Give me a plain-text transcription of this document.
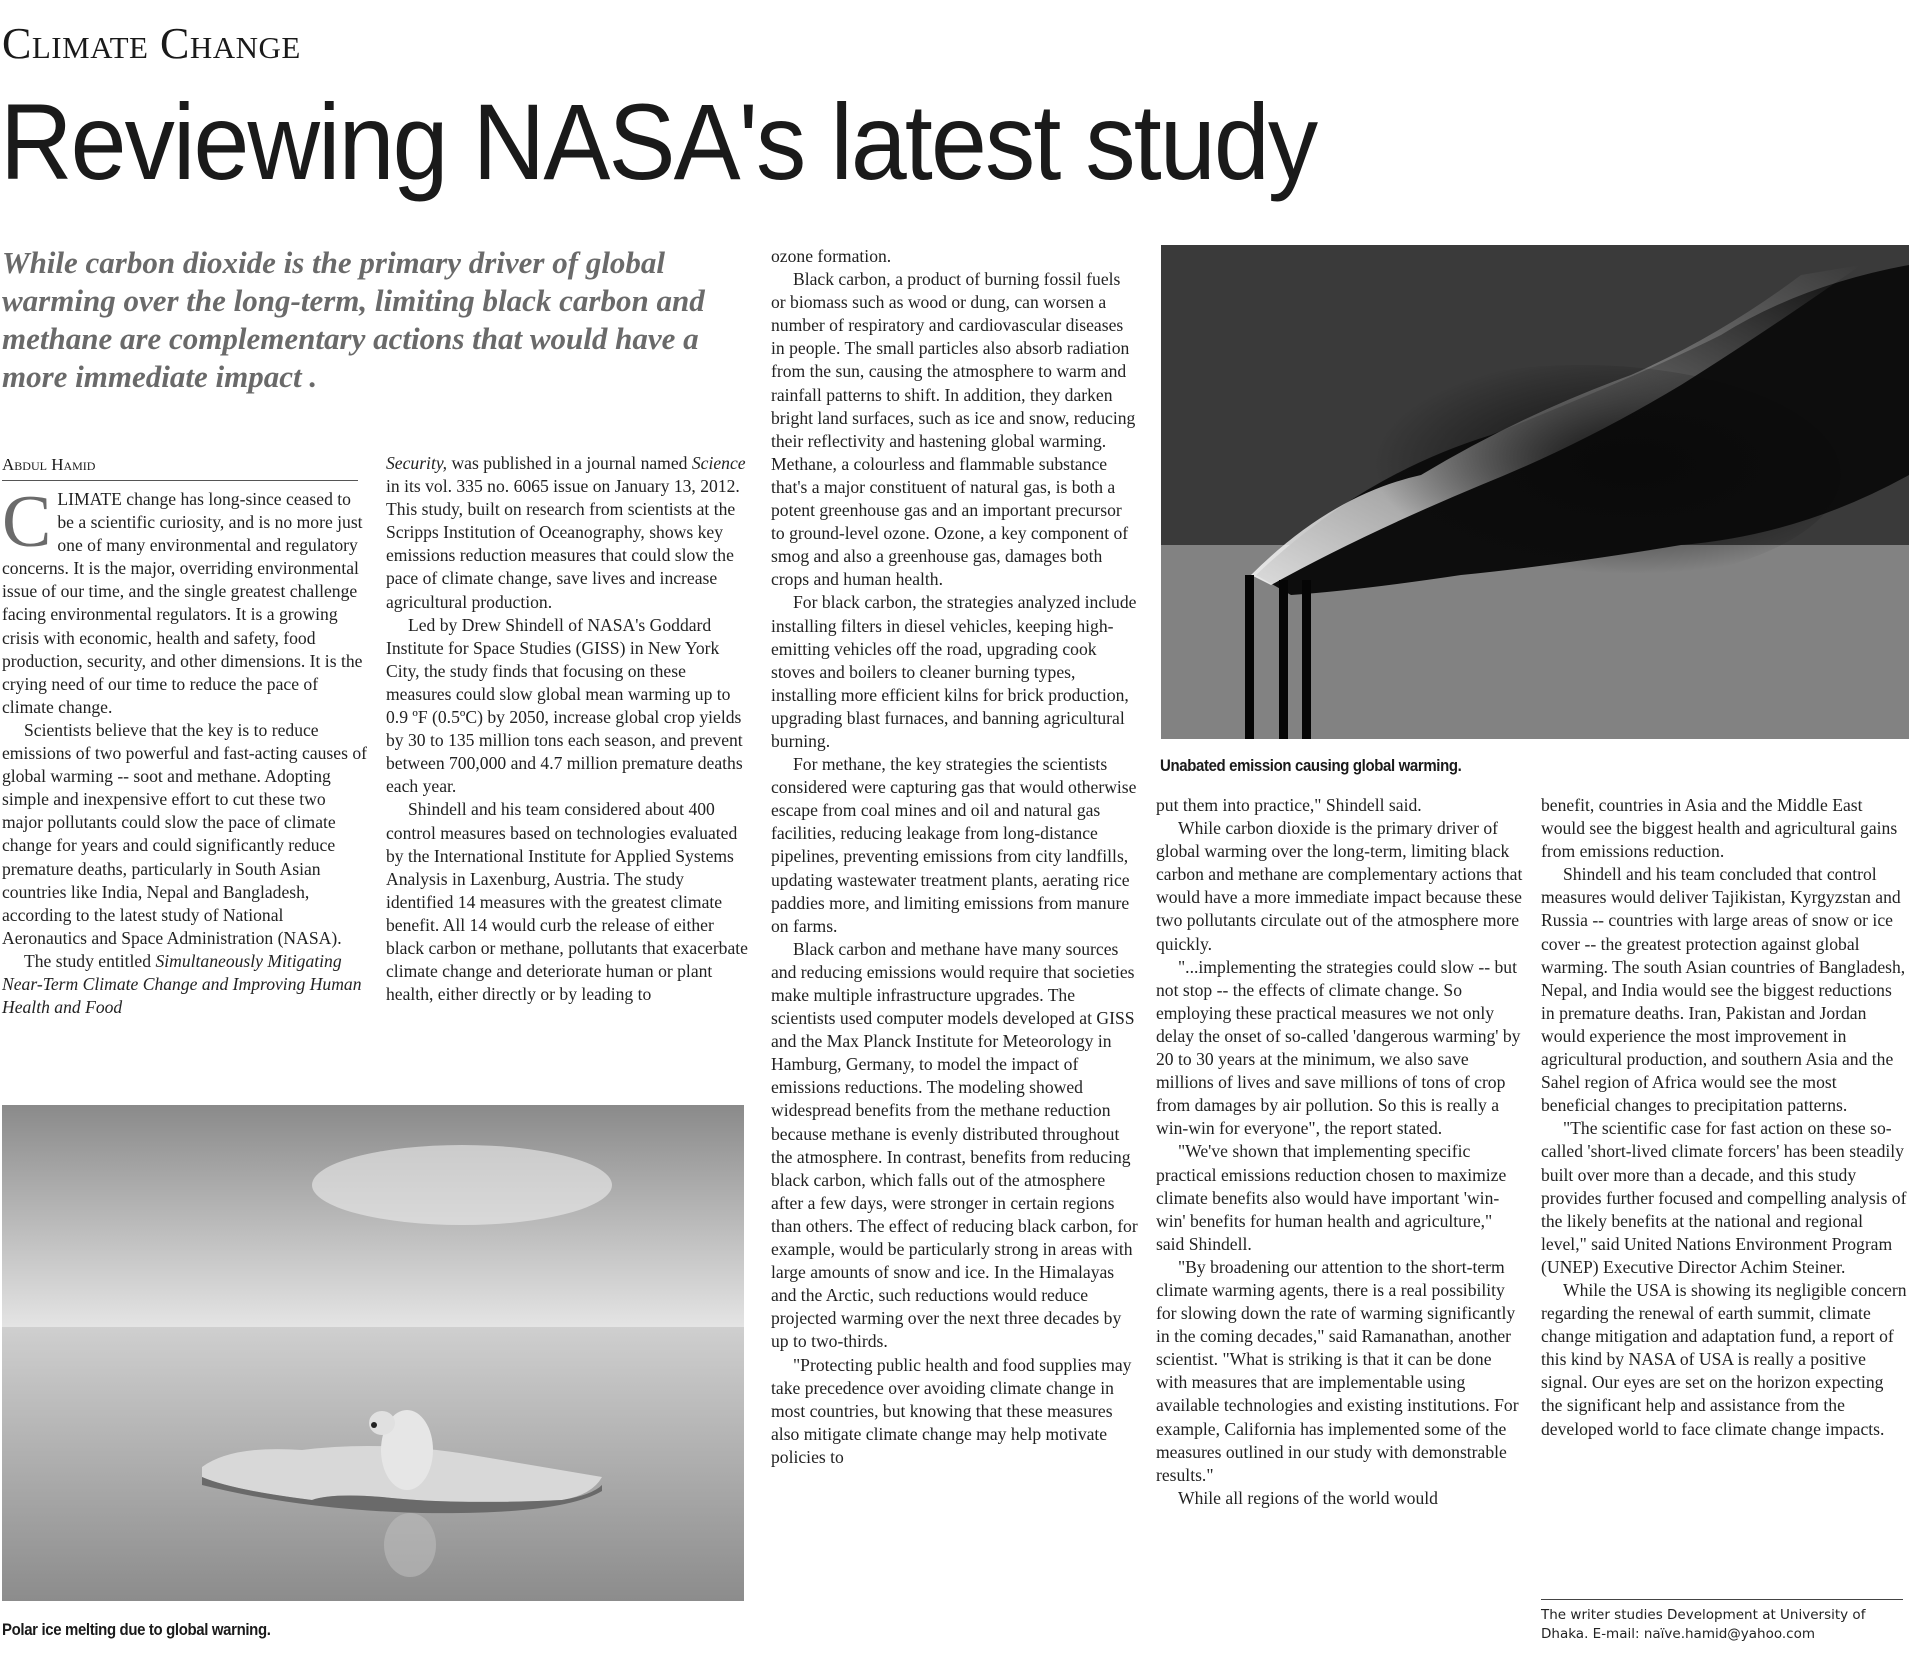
Climate Change
Reviewing NASA's latest study
While carbon dioxide is the primary driver of global warming over the long-term, limiting black carbon and methane are complementary actions that would have a more immediate impact .
Abdul Hamid

CLIMATE change has long-since ceased to be a scientific curiosity, and is no more just one of many environmental and regulatory concerns. It is the major, overriding environmental issue of our time, and the single greatest challenge facing environmental regulators. It is a growing crisis with economic, health and safety, food production, security, and other dimensions. It is the crying need of our time to reduce the pace of climate change.

Scientists believe that the key is to reduce emissions of two powerful and fast-acting causes of global warming -- soot and methane. Adopting simple and inexpensive effort to cut these two major pollutants could slow the pace of climate change for years and could significantly reduce premature deaths, particularly in South Asian countries like India, Nepal and Bangladesh, according to the latest study of National Aeronautics and Space Administration (NASA).

The study entitled Simultaneously Mitigating Near-Term Climate Change and Improving Human Health and Food

Security, was published in a journal named Science in its vol. 335 no. 6065 issue on January 13, 2012. This study, built on research from scientists at the Scripps Institution of Oceanography, shows key emissions reduction measures that could slow the pace of climate change, save lives and increase agricultural production.

Led by Drew Shindell of NASA's Goddard Institute for Space Studies (GISS) in New York City, the study finds that focusing on these measures could slow global mean warming up to 0.9 ºF (0.5ºC) by 2050, increase global crop yields by 30 to 135 million tons each season, and prevent between 700,000 and 4.7 million premature deaths each year.

Shindell and his team considered about 400 control measures based on technologies evaluated by the International Institute for Applied Systems Analysis in Laxenburg, Austria. The study identified 14 measures with the greatest climate benefit. All 14 would curb the release of either black carbon or methane, pollutants that exacerbate climate change and deteriorate human or plant health, either directly or by leading to

ozone formation.

Black carbon, a product of burning fossil fuels or biomass such as wood or dung, can worsen a number of respiratory and cardiovascular diseases in people. The small particles also absorb radiation from the sun, causing the atmosphere to warm and rainfall patterns to shift. In addition, they darken bright land surfaces, such as ice and snow, reducing their reflectivity and hastening global warming. Methane, a colourless and flammable substance that's a major constituent of natural gas, is both a potent greenhouse gas and an important precursor to ground-level ozone. Ozone, a key component of smog and also a greenhouse gas, damages both crops and human health.

For black carbon, the strategies analyzed include installing filters in diesel vehicles, keeping high-emitting vehicles off the road, upgrading cook stoves and boilers to cleaner burning types, installing more efficient kilns for brick production, upgrading blast furnaces, and banning agricultural burning.

For methane, the key strategies the scientists considered were capturing gas that would otherwise escape from coal mines and oil and natural gas facilities, reducing leakage from long-distance pipelines, preventing emissions from city landfills, updating wastewater treatment plants, aerating rice paddies more, and limiting emissions from manure on farms.

Black carbon and methane have many sources and reducing emissions would require that societies make multiple infrastructure upgrades. The scientists used computer models developed at GISS and the Max Planck Institute for Meteorology in Hamburg, Germany, to model the impact of emissions reductions. The modeling showed widespread benefits from the methane reduction because methane is evenly distributed throughout the atmosphere. In contrast, benefits from reducing black carbon, which falls out of the atmosphere after a few days, were stronger in certain regions than others. The effect of reducing black carbon, for example, would be particularly strong in areas with large amounts of snow and ice. In the Himalayas and the Arctic, such reductions would reduce projected warming over the next three decades by up to two-thirds.

"Protecting public health and food supplies may take precedence over avoiding climate change in most countries, but knowing that these measures also mitigate climate change may help motivate policies to

Unabated emission causing global warming.

put them into practice," Shindell said.

While carbon dioxide is the primary driver of global warming over the long-term, limiting black carbon and methane are complementary actions that would have a more immediate impact because these two pollutants circulate out of the atmosphere more quickly.

"...implementing the strategies could slow -- but not stop -- the effects of climate change. So employing these practical measures we not only delay the onset of so-called 'dangerous warming' by 20 to 30 years at the minimum, we also save millions of lives and save millions of tons of crop from damages by air pollution. So this is really a win-win for everyone", the report stated.

"We've shown that implementing specific practical emissions reduction chosen to maximize climate benefits also would have important 'win-win' benefits for human health and agriculture," said Shindell.

"By broadening our attention to the short-term climate warming agents, there is a real possibility for slowing down the rate of warming significantly in the coming decades," said Ramanathan, another scientist. "What is striking is that it can be done with measures that are implementable using available technologies and existing institutions. For example, California has implemented some of the measures outlined in our study with demonstrable results."

While all regions of the world would

benefit, countries in Asia and the Middle East would see the biggest health and agricultural gains from emissions reduction.

Shindell and his team concluded that control measures would deliver Tajikistan, Kyrgyzstan and Russia -- countries with large areas of snow or ice cover -- the greatest protection against global warming. The south Asian countries of Bangladesh, Nepal, and India would see the biggest reductions in premature deaths. Iran, Pakistan and Jordan would experience the most improvement in agricultural production, and southern Asia and the Sahel region of Africa would see the most beneficial changes to precipitation patterns.

"The scientific case for fast action on these so-called 'short-lived climate forcers' has been steadily built over more than a decade, and this study provides further focused and compelling analysis of the likely benefits at the national and regional level," said United Nations Environment Program (UNEP) Executive Director Achim Steiner.

While the USA is showing its negligible concern regarding the renewal of earth summit, climate change mitigation and adaptation fund, a report of this kind by NASA of USA is really a positive signal. Our eyes are set on the horizon expecting the significant help and assistance from the developed world to face climate change impacts.

Polar ice melting due to global warning.
The writer studies Development at University of Dhaka. E-mail: naïve.hamid@yahoo.com
